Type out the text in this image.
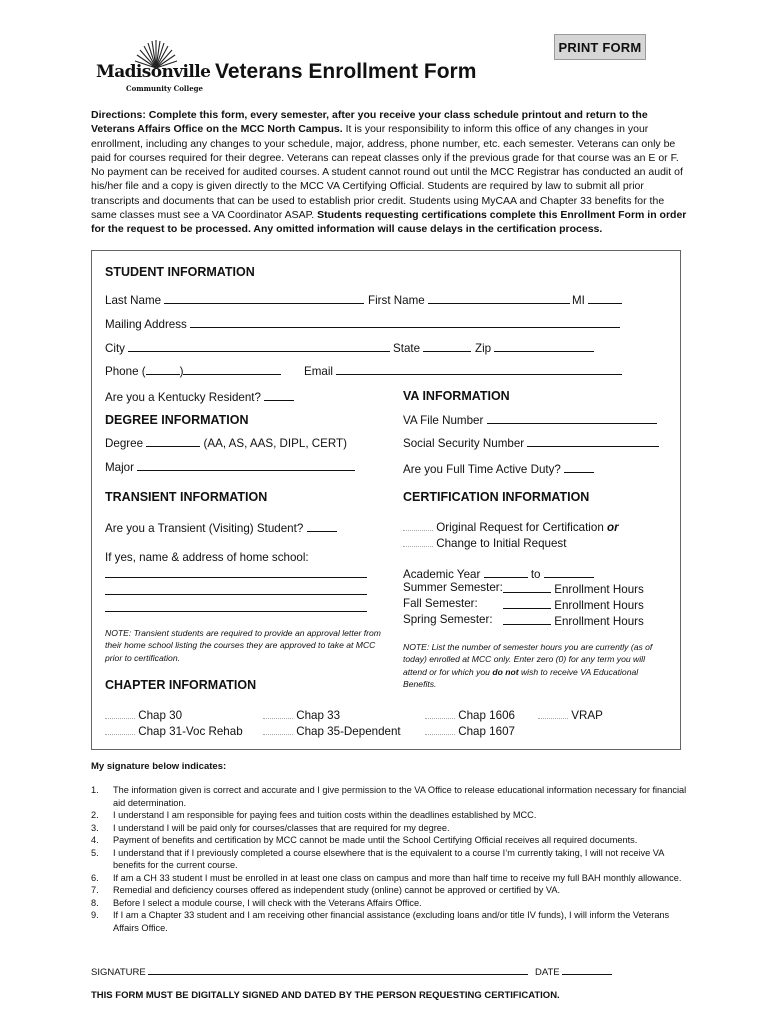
PRINT FORM
Madisonville
Community College
Veterans Enrollment Form
Directions: Complete this form, every semester, after you receive your class schedule printout and return to the Veterans Affairs Office on the MCC North Campus. It is your responsibility to inform this office of any changes in your enrollment, including any changes to your schedule, major, address, phone number, etc. each semester. Veterans can only be paid for courses required for their degree. Veterans can repeat classes only if the previous grade for that course was an E or F. No payment can be received for audited courses. A student cannot round out until the MCC Registrar has conducted an audit of his/her file and a copy is given directly to the MCC VA Certifying Official. Students are required by law to submit all prior transcripts and documents that can be used to establish prior credit. Students using MyCAA and Chapter 33 benefits for the same classes must see a VA Coordinator ASAP. Students requesting certifications complete this Enrollment Form in order for the request to be processed. Any omitted information will cause delays in the certification process.
STUDENT INFORMATION
Last Name	First Name	MI
Mailing Address
City	State	Zip
Phone (	)	Email
Are you a Kentucky Resident?	VA INFORMATION
VA File Number
Social Security Number
Are you Full Time Active Duty?
DEGREE INFORMATION
Degree	(AA, AS, AAS, DIPL, CERT)
Major
TRANSIENT INFORMATION
Are you a Transient (Visiting) Student?
If yes, name & address of home school:
NOTE: Transient students are required to provide an approval letter from their home school listing the courses they are approved to take at MCC prior to certification.
CERTIFICATION INFORMATION
Original Request for Certification or
Change to Initial Request
Academic Year	to
Summer Semester:	Enrollment Hours
Fall Semester:	Enrollment Hours
Spring Semester:	Enrollment Hours
NOTE: List the number of semester hours you are currently (as of today) enrolled at MCC only. Enter zero (0) for any term you will attend or for which you do not wish to receive VA Educational Benefits.
CHAPTER INFORMATION
Chap 30
Chap 31-Voc Rehab
Chap 33
Chap 35-Dependent
Chap 1606
Chap 1607
VRAP
My signature below indicates:
1.	The information given is correct and accurate and I give permission to the VA Office to release educational information necessary for financial aid determination.
2.	I understand I am responsible for paying fees and tuition costs within the deadlines established by MCC.
3.	I understand I will be paid only for courses/classes that are required for my degree.
4.	Payment of benefits and certification by MCC cannot be made until the School Certifying Official receives all required documents.
5.	I understand that if I previously completed a course elsewhere that is the equivalent to a course I’m currently taking, I will not receive VA benefits for the current course.
6.	If am a CH 33 student I must be enrolled in at least one class on campus and more than half time to receive my full BAH monthly allowance.
7.	Remedial and deficiency courses offered as independent study (online) cannot be approved or certified by VA.
8.	Before I select a module course, I will check with the Veterans Affairs Office.
9.	If I am a Chapter 33 student and I am receiving other financial assistance (excluding loans and/or title IV funds), I will inform the Veterans Affairs Office.
SIGNATURE	DATE
THIS FORM MUST BE DIGITALLY SIGNED AND DATED BY THE PERSON REQUESTING CERTIFICATION.
